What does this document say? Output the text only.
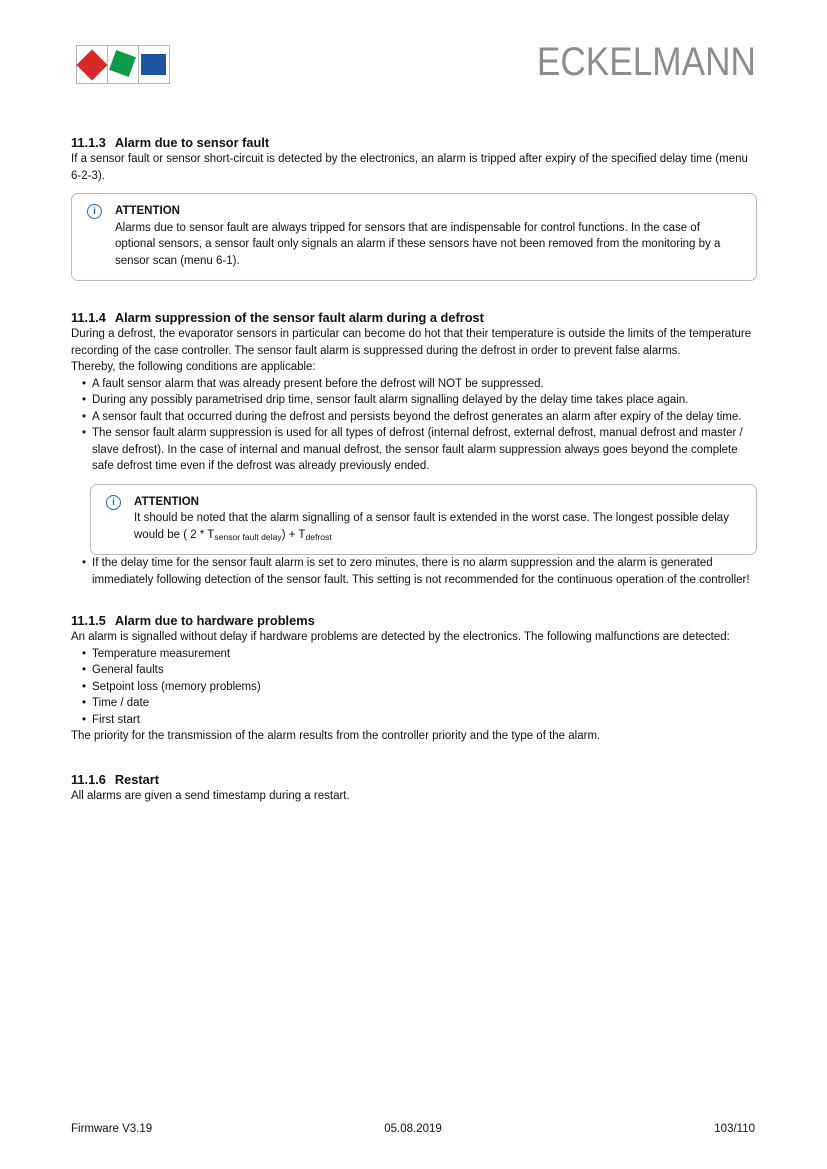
ECKELMANN
11.1.3 Alarm due to sensor fault

If a sensor fault or sensor short-circuit is detected by the electronics, an alarm is tripped after expiry of the specified delay time (menu 6-2-3).

i	ATTENTION

Alarms due to sensor fault are always tripped for sensors that are indispensable for control functions. In the case of optional sensors, a sensor fault only signals an alarm if these sensors have not been removed from the monitoring by a sensor scan (menu 6-1).

11.1.4 Alarm suppression of the sensor fault alarm during a defrost

During a defrost, the evaporator sensors in particular can become do hot that their temperature is outside the limits of the temperature recording of the case controller. The sensor fault alarm is suppressed during the defrost in order to prevent false alarms.

Thereby, the following conditions are applicable:

• A fault sensor alarm that was already present before the defrost will NOT be suppressed.
• During any possibly parametrised drip time, sensor fault alarm signalling delayed by the delay time takes place again.
• A sensor fault that occurred during the defrost and persists beyond the defrost generates an alarm after expiry of the delay time.
• The sensor fault alarm suppression is used for all types of defrost (internal defrost, external defrost, manual defrost and master / slave defrost). In the case of internal and manual defrost, the sensor fault alarm suppression always goes beyond the complete safe defrost time even if the defrost was already previously ended.
i	ATTENTION

It should be noted that the alarm signalling of a sensor fault is extended in the worst case. The longest possible delay would be ( $2 * T_{sensor fault delay}) + T_{defrost}$

• If the delay time for the sensor fault alarm is set to zero minutes, there is no alarm suppression and the alarm is generated immediately following detection of the sensor fault. This setting is not recommended for the continuous operation of the controller!
11.1.5 Alarm due to hardware problems

An alarm is signalled without delay if hardware problems are detected by the electronics. The following malfunctions are detected:

• Temperature measurement
• General faults
• Setpoint loss (memory problems)
• Time / date
• First start

The priority for the transmission of the alarm results from the controller priority and the type of the alarm.

11.1.6 Restart

All alarms are given a send timestamp during a restart.

Firmware V3.19	05.08.2019	103/110
